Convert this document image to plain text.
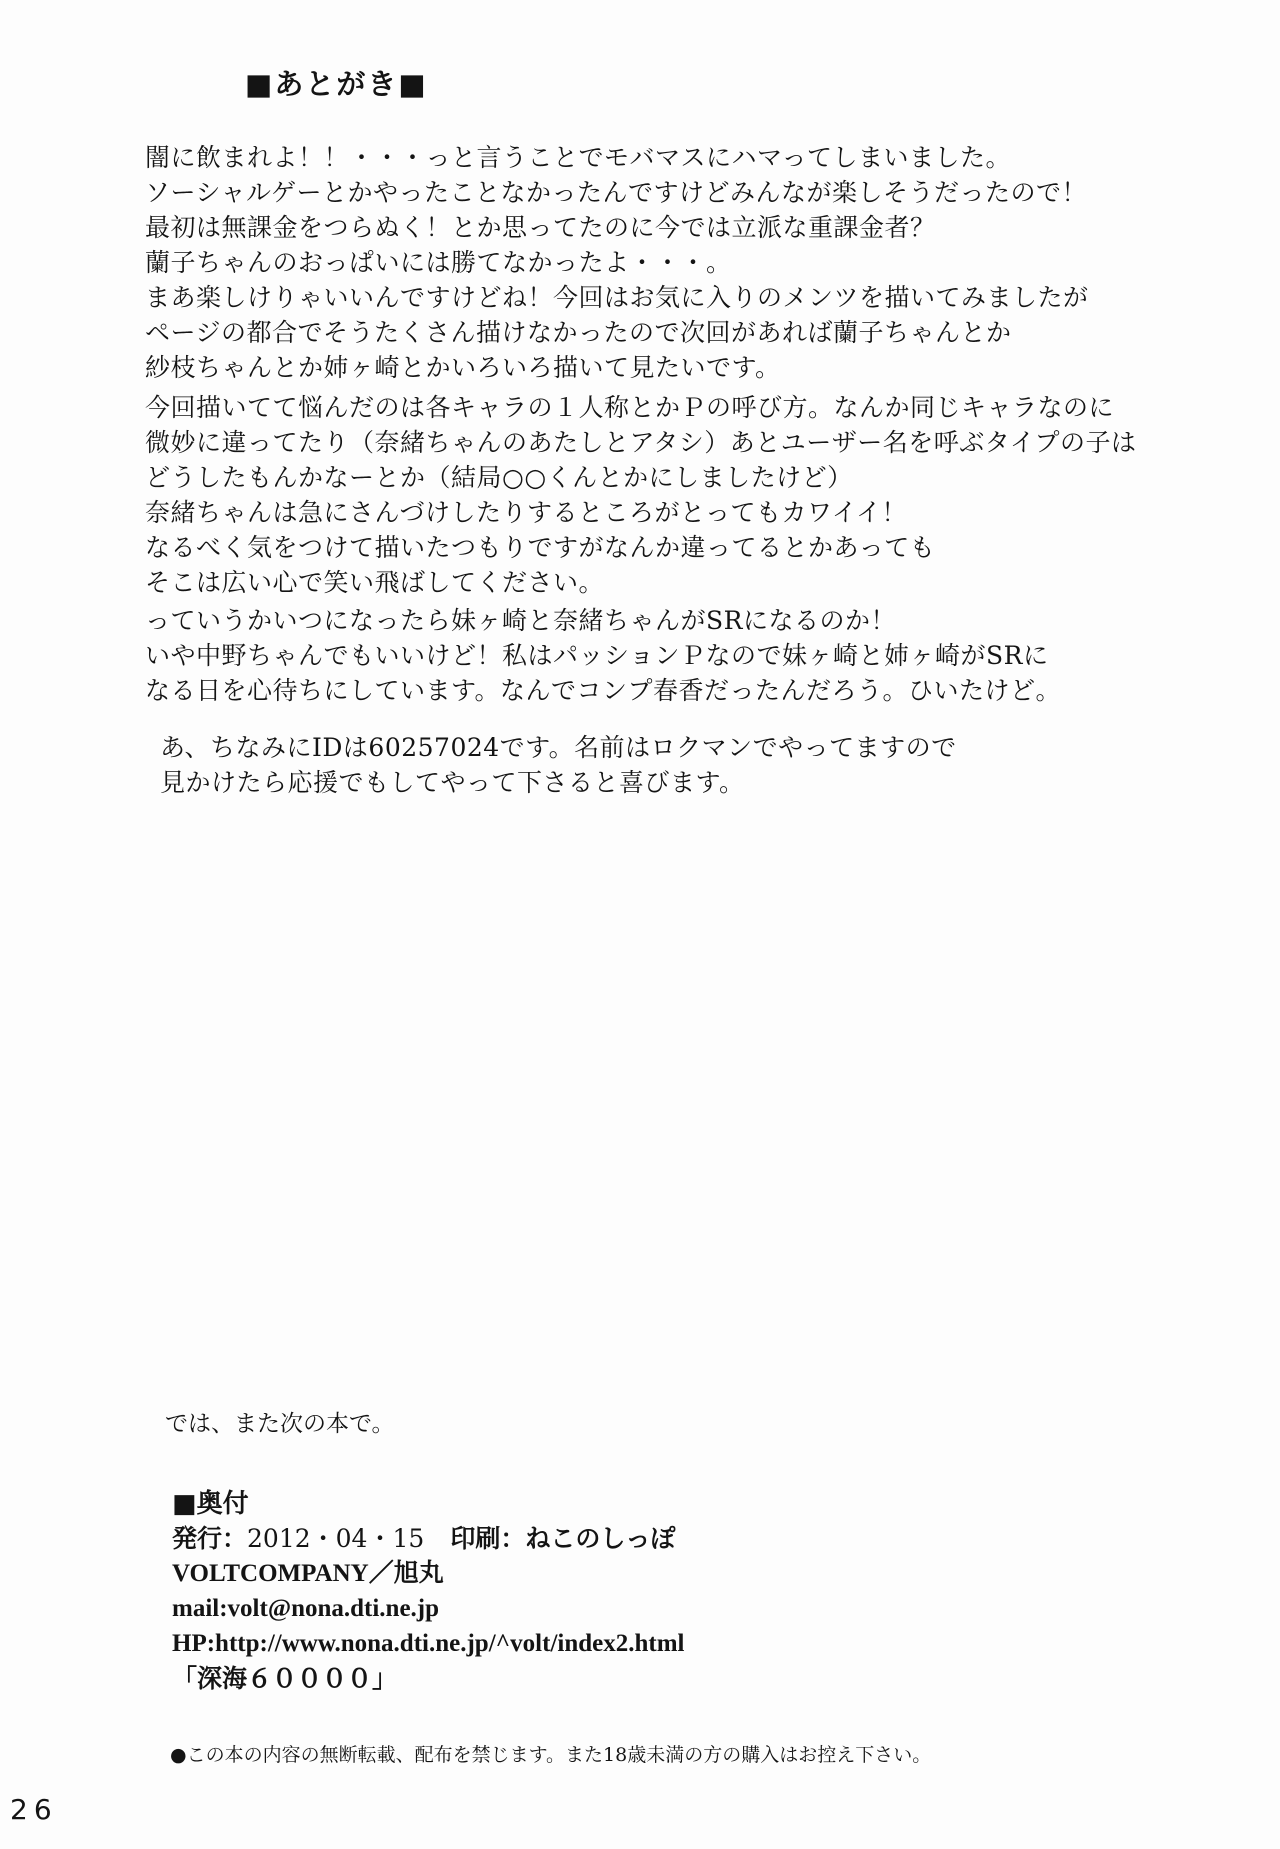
■あとがき■
闇に飲まれよ！！・・・っと言うことでモバマスにハマってしまいました。
ソーシャルゲーとかやったことなかったんですけどみんなが楽しそうだったので！
最初は無課金をつらぬく！とか思ってたのに今では立派な重課金者？
蘭子ちゃんのおっぱいには勝てなかったよ・・・。
まあ楽しけりゃいいんですけどね！今回はお気に入りのメンツを描いてみましたが
ページの都合でそうたくさん描けなかったので次回があれば蘭子ちゃんとか
紗枝ちゃんとか姉ヶ崎とかいろいろ描いて見たいです。
今回描いてて悩んだのは各キャラの１人称とかＰの呼び方。なんか同じキャラなのに
微妙に違ってたり（奈緒ちゃんのあたしとアタシ）あとユーザー名を呼ぶタイプの子は
どうしたもんかなーとか（結局○○くんとかにしましたけど）
奈緒ちゃんは急にさんづけしたりするところがとってもカワイイ！
なるべく気をつけて描いたつもりですがなんか違ってるとかあっても
そこは広い心で笑い飛ばしてください。
っていうかいつになったら妹ヶ崎と奈緒ちゃんがSRになるのか！
いや中野ちゃんでもいいけど！私はパッションＰなので妹ヶ崎と姉ヶ崎がSRに
なる日を心待ちにしています。なんでコンプ春香だったんだろう。ひいたけど。
あ、ちなみにIDは60257024です。名前はロクマンでやってますので
見かけたら応援でもしてやって下さると喜びます。
では、また次の本で。
■奥付
発行：2012・04・15 印刷：ねこのしっぽ
VOLTCOMPANY／旭丸
mail:volt@nona.dti.ne.jp
HP:http://www.nona.dti.ne.jp/^volt/index2.html
「深海６００００」
●この本の内容の無断転載、配布を禁じます。また18歳未満の方の購入はお控え下さい。
26
